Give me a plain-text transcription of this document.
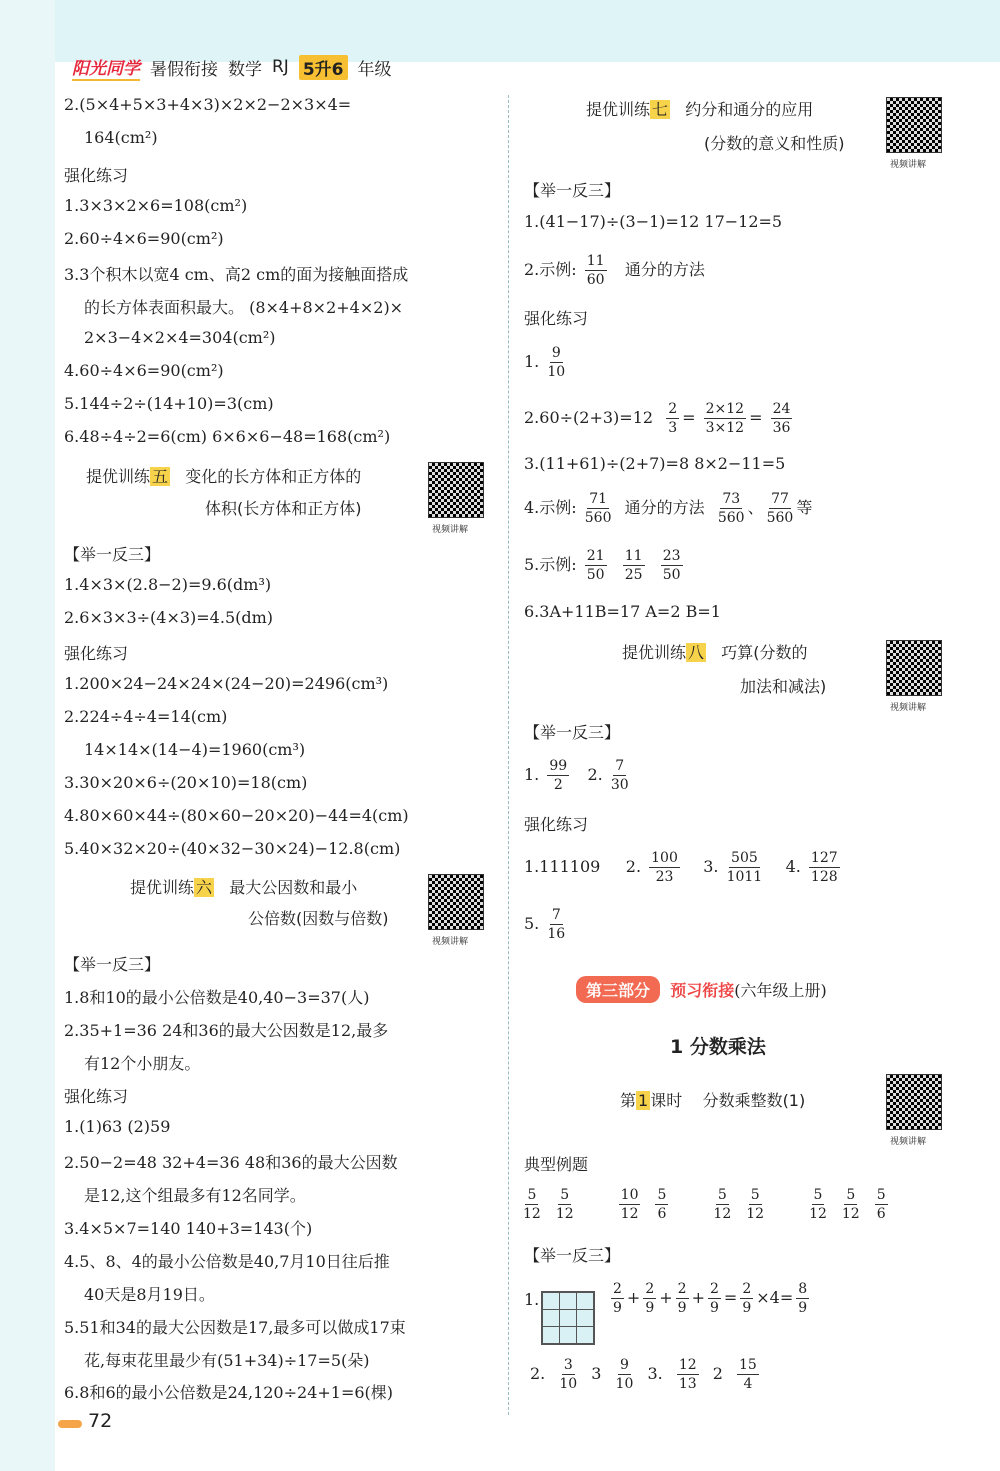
阳光同学 暑假衔接 数学 RJ 5升6 年级
2.(5×4+5×3+4×3)×2×2−2×3×4=
164(cm²)
强化练习
1.3×3×2×6=108(cm²)
2.60÷4×6=90(cm²)
3.3个积木以宽4 cm、高2 cm的面为接触面搭成
的长方体表面积最大。 (8×4+8×2+4×2)×
2×3−4×2×4=304(cm²)
4.60÷4×6=90(cm²)
5.144÷2÷(14+10)=3(cm)
6.48÷4÷2=6(cm) 6×6×6−48=168(cm²)
【举一反三】
1.4×3×(2.8−2)=9.6(dm³)
2.6×3×3÷(4×3)=4.5(dm)
强化练习
1.200×24−24×24×(24−20)=2496(cm³)
2.224÷4÷4=14(cm)
14×14×(14−4)=1960(cm³)
3.30×20×6÷(20×10)=18(cm)
4.80×60×44÷(80×60−20×20)−44=4(cm)
5.40×32×20÷(40×32−30×24)−12.8(cm)
【举一反三】
1.8和10的最小公倍数是40,40−3=37(人)
2.35+1=36 24和36的最大公因数是12,最多
有12个小朋友。
强化练习
1.(1)63 (2)59
2.50−2=48 32+4=36 48和36的最大公因数
是12,这个组最多有12名同学。
3.4×5×7=140 140+3=143(个)
4.5、8、4的最小公倍数是40,7月10日往后推
40天是8月19日。
5.51和34的最大公因数是17,最多可以做成17束
花,每束花里最少有(51+34)÷17=5(朵)
6.8和6的最小公倍数是24,120÷24+1=6(棵)
提优训练 五 变化的长方体和正方体的
体积(长方体和正方体)
视频讲解
提优训练 六 最大公因数和最小
公倍数(因数与倍数)
视频讲解
提优训练 七 约分和通分的应用
(分数的意义和性质)
视频讲解
【举一反三】
1.(41−17)÷(3−1)=12 17−12=5
2.示例: $\frac{11}{60}$ 通分的方法
强化练习
1. $\frac{9}{10}$
$2.60\div(2+3)=12 \frac{2}{3} = \frac{2\times 12}{3\times 12} = \frac{24}{36}$
3.(11+61)÷(2+7)=8 8×2−11=5
4.示例: $\frac{71}{560}$ 通分的方法 $\frac{73}{560}$ 、 $\frac{77}{560}$ 等
5.示例: $\frac{21}{50}$
$\frac{11}{25}$
$\frac{23}{50}$
6.3A+11B=17 A=2 B=1
提优训练 八 巧算(分数的
加法和减法)
视频讲解
【举一反三】
1. $\frac{99}{2} 2$. $\frac{7}{30}$
强化练习
1.111109 2. $\frac{100}{23} 3$. $\frac{505}{1011} 4$. $\frac{127}{128}$
5. $\frac{7}{16}$
第三部分 预习衔接(六年级上册)
1 分数乘法
第 1 课时 分数乘整数(1)
视频讲解
典型例题
$\frac{5}{12} \frac{5}{12}$	$\frac{10}{12} \frac{5}{6}$	$\frac{5}{12} \frac{5}{12}$	$\frac{5}{12} \frac{5}{12} \frac{5}{6}$
【举一反三】
1.	$\frac{2}{9} + \frac{2}{9} + \frac{2}{9} + \frac{2}{9} = \frac{2}{9} \times 4= \frac{8}{9}$
2. $\frac{3}{10} 3 \frac{9}{10} 3$. $\frac{12}{13} 2 \frac{15}{4}$
72
